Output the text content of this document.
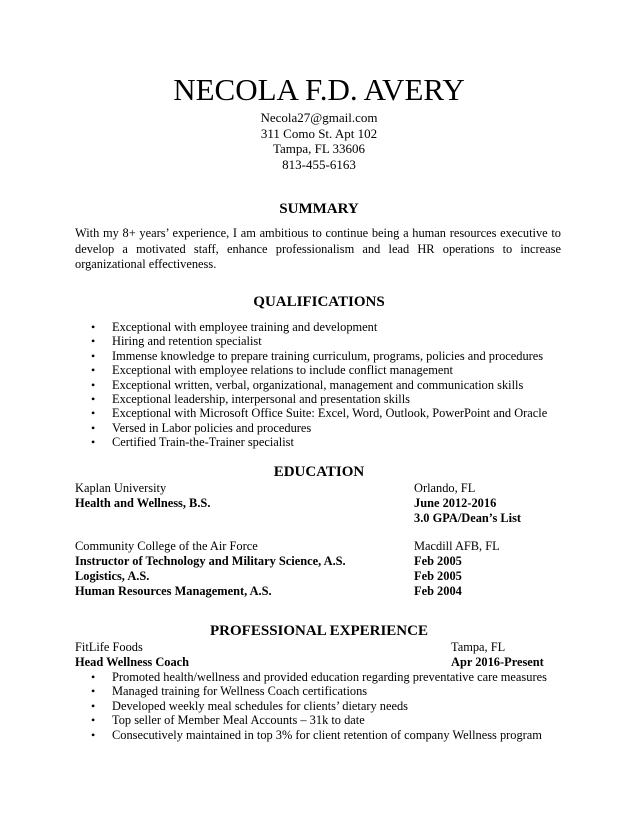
NECOLA F.D. AVERY
Necola27@gmail.com
311 Como St. Apt 102
Tampa, FL 33606
813-455-6163
SUMMARY
With my 8+ years’ experience, I am ambitious to continue being a human resources executive to develop a motivated staff, enhance professionalism and lead HR operations to increase organizational effectiveness.
QUALIFICATIONS
• Exceptional with employee training and development
• Hiring and retention specialist
• Immense knowledge to prepare training curriculum, programs, policies and procedures
• Exceptional with employee relations to include conflict management
• Exceptional written, verbal, organizational, management and communication skills
• Exceptional leadership, interpersonal and presentation skills
• Exceptional with Microsoft Office Suite: Excel, Word, Outlook, PowerPoint and Oracle
• Versed in Labor policies and procedures
• Certified Train-the-Trainer specialist
EDUCATION
Kaplan University	Orlando, FL
Health and Wellness, B.S.	June 2012-2016
3.0 GPA/Dean’s List
Community College of the Air Force	Macdill AFB, FL
Instructor of Technology and Military Science, A.S.	Feb 2005
Logistics, A.S.	Feb 2005
Human Resources Management, A.S.	Feb 2004
PROFESSIONAL EXPERIENCE
FitLife Foods	Tampa, FL
Head Wellness Coach	Apr 2016-Present
• Promoted health/wellness and provided education regarding preventative care measures
• Managed training for Wellness Coach certifications
• Developed weekly meal schedules for clients’ dietary needs
• Top seller of Member Meal Accounts – 31k to date
• Consecutively maintained in top 3% for client retention of company Wellness program
